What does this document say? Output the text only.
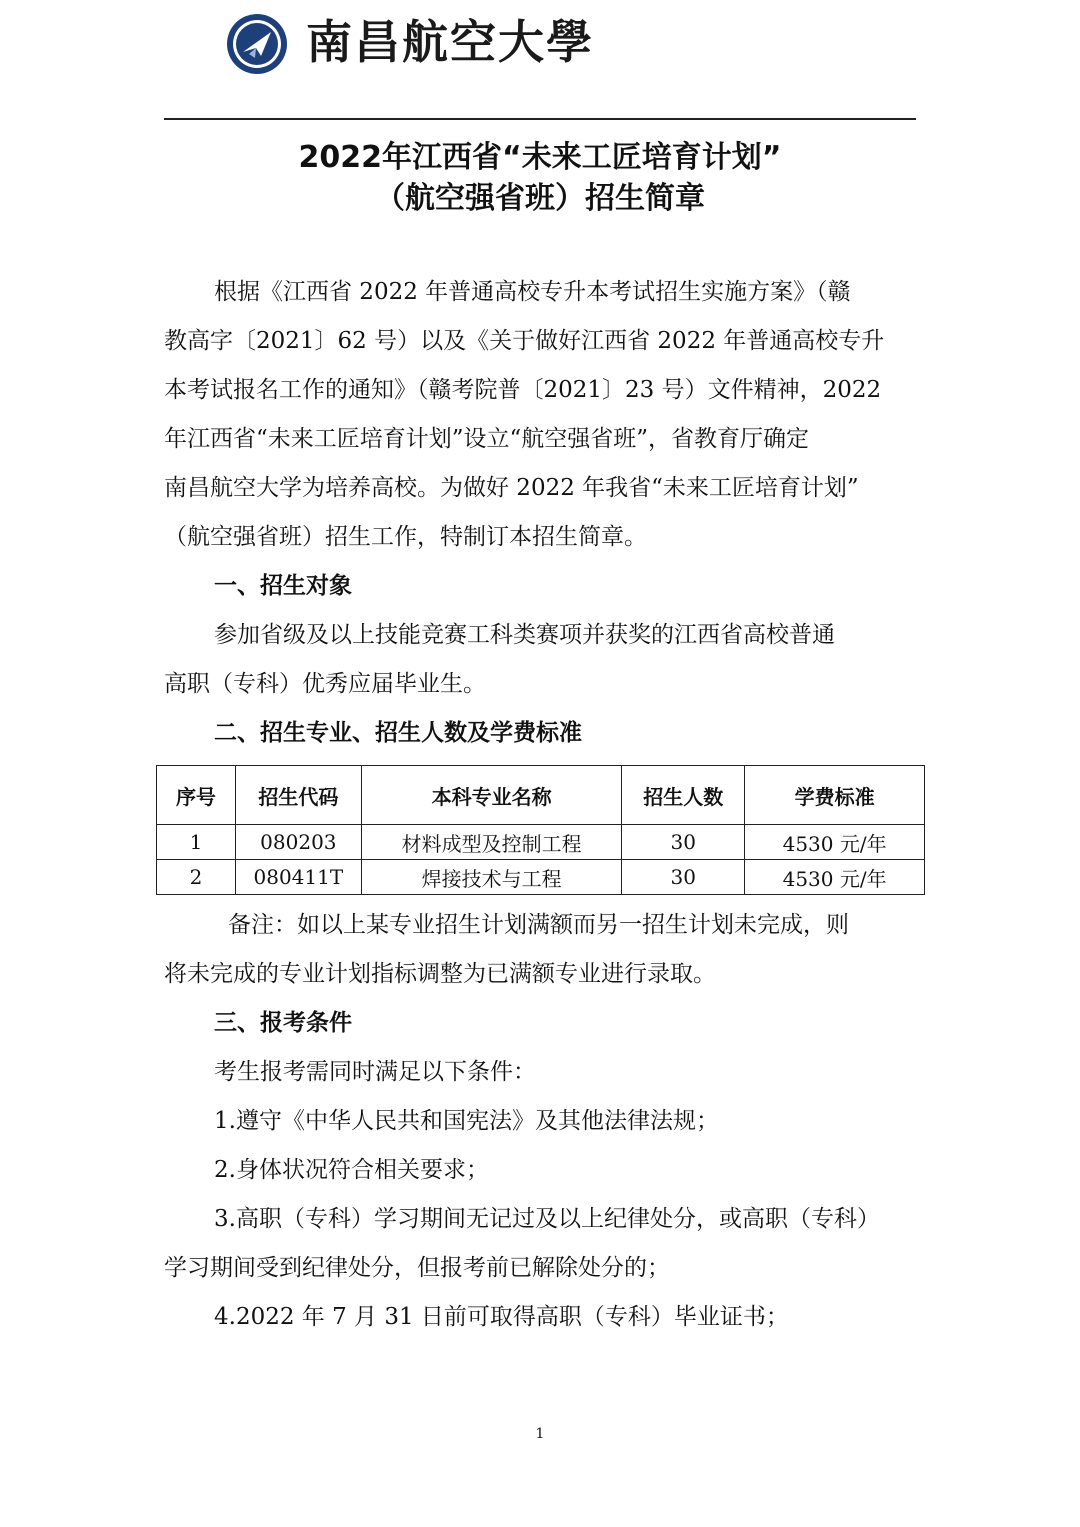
南昌航空大學
2022年江西省“未来工匠培育计划”
（航空强省班）招生简章
根据《江西省 2022 年普通高校专升本考试招生实施方案》（赣
教高字〔2021〕62 号）以及《关于做好江西省 2022 年普通高校专升
本考试报名工作的通知》（赣考院普〔2021〕23 号）文件精神，2022
年江西省“未来工匠培育计划”设立“航空强省班”，省教育厅确定
南昌航空大学为培养高校。为做好 2022 年我省“未来工匠培育计划”
（航空强省班）招生工作，特制订本招生简章。
一、招生对象
参加省级及以上技能竞赛工科类赛项并获奖的江西省高校普通
高职（专科）优秀应届毕业生。
二、招生专业、招生人数及学费标准
序号	招生代码	本科专业名称	招生人数	学费标准
1	080203	材料成型及控制工程	30	4530 元/年
2	080411T	焊接技术与工程	30	4530 元/年
备注：如以上某专业招生计划满额而另一招生计划未完成，则
将未完成的专业计划指标调整为已满额专业进行录取。
三、报考条件
考生报考需同时满足以下条件：
1.遵守《中华人民共和国宪法》及其他法律法规；
2.身体状况符合相关要求；
3.高职（专科）学习期间无记过及以上纪律处分，或高职（专科）
学习期间受到纪律处分，但报考前已解除处分的；
4.2022 年 7 月 31 日前可取得高职（专科）毕业证书；
1
